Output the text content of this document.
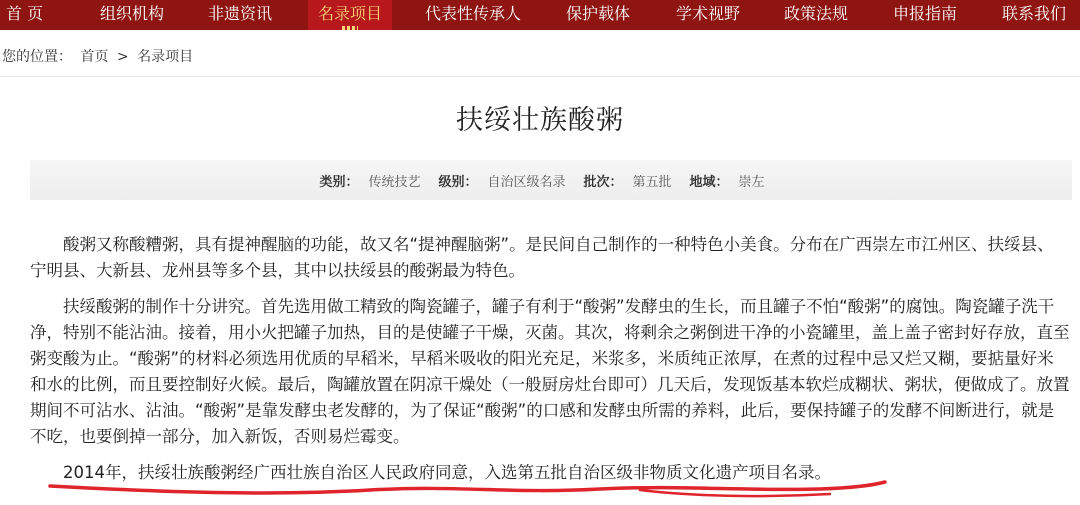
首 页	组织机构	非遗资讯	名录项目	代表性传承人	保护载体	学术视野	政策法规	申报指南	联系我们
您的位置： 首页 > 名录项目
扶绥壮族酸粥
类别： 传统技艺 级别： 自治区级名录 批次： 第五批 地域： 崇左

酸粥又称酸糟粥，具有提神醒脑的功能，故又名“提神醒脑粥”。是民间自己制作的一种特色小美食。分布在广西崇左市江州区、扶绥县、宁明县、大新县、龙州县等多个县，其中以扶绥县的酸粥最为特色。

扶绥酸粥的制作十分讲究。首先选用做工精致的陶瓷罐子，罐子有利于“酸粥”发酵虫的生长，而且罐子不怕“酸粥”的腐蚀。陶瓷罐子洗干净，特别不能沾油。接着，用小火把罐子加热，目的是使罐子干燥，灭菌。其次，将剩余之粥倒进干净的小瓷罐里，盖上盖子密封好存放，直至粥变酸为止。“酸粥”的材料必须选用优质的早稻米，早稻米吸收的阳光充足，米浆多，米质纯正浓厚，在煮的过程中忌又烂又糊，要掂量好米和水的比例，而且要控制好火候。最后，陶罐放置在阴凉干燥处（一般厨房灶台即可）几天后，发现饭基本软烂成糊状、粥状，便做成了。放置期间不可沾水、沾油。“酸粥”是靠发酵虫老发酵的，为了保证“酸粥”的口感和发酵虫所需的养料，此后，要保持罐子的发酵不间断进行，就是不吃，也要倒掉一部分，加入新饭，否则易烂霉变。

2014年，扶绥壮族酸粥经广西壮族自治区人民政府同意，入选第五批自治区级非物质文化遗产项目名录。
